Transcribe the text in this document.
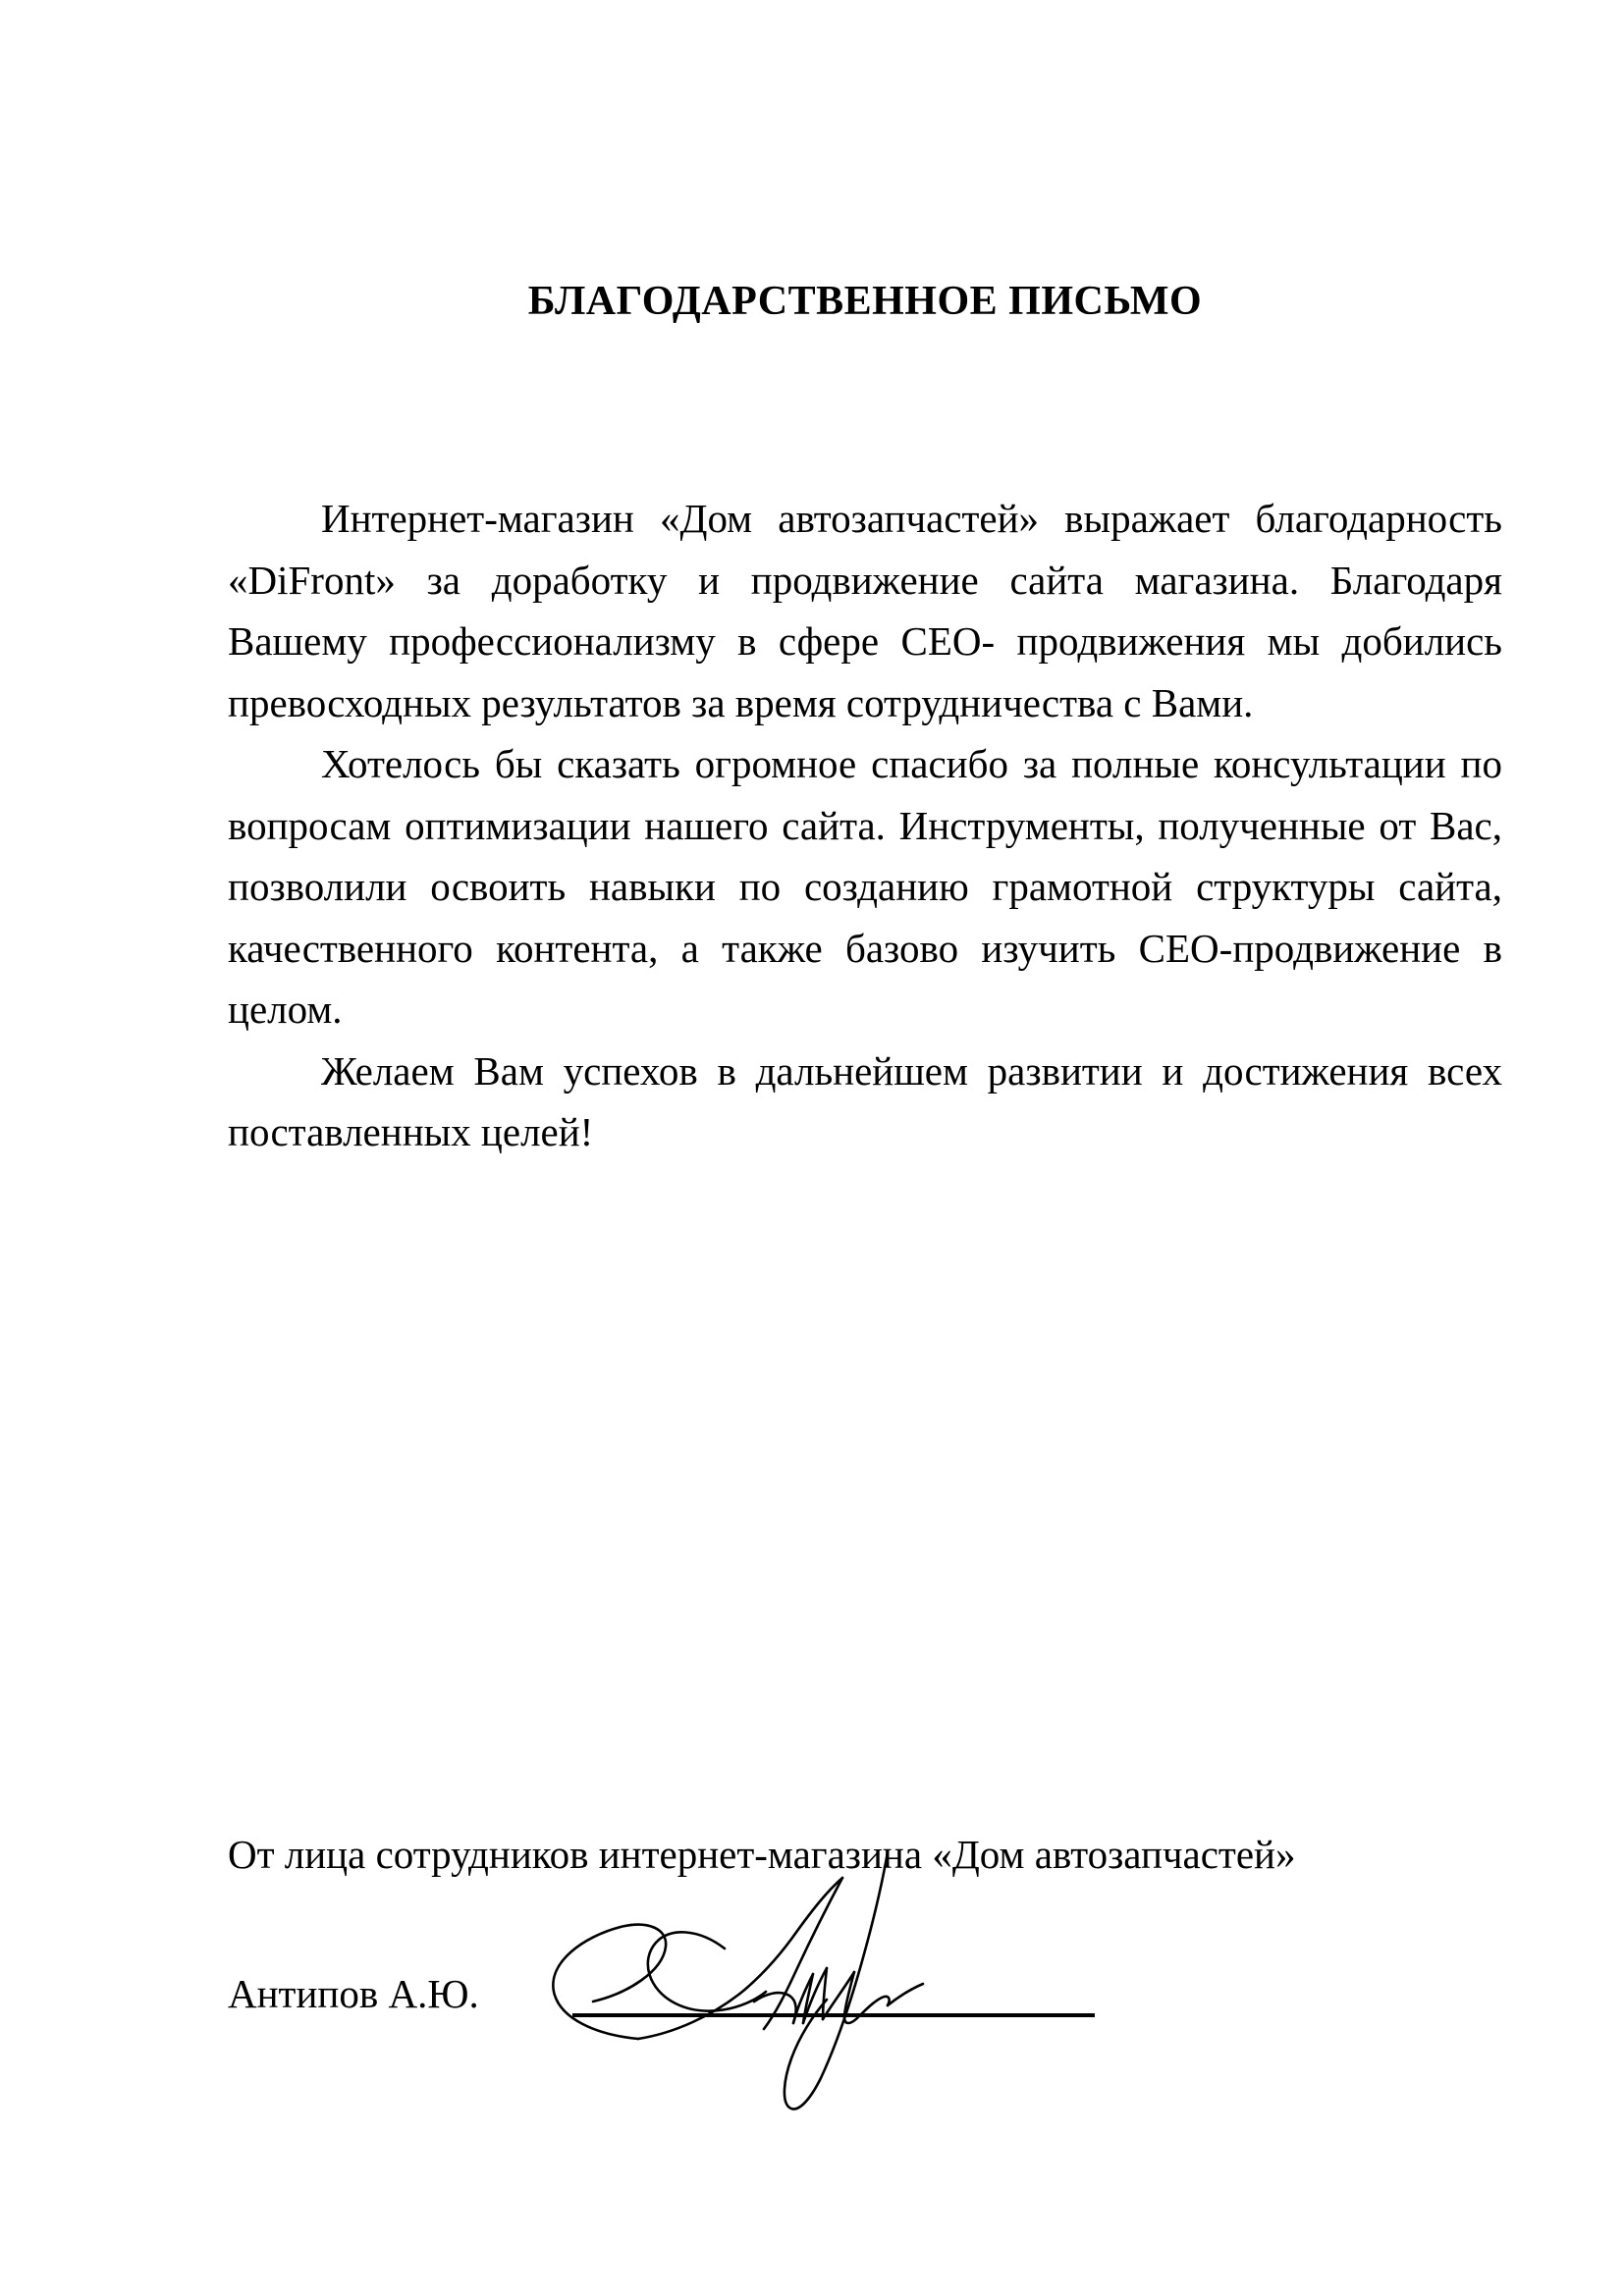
БЛАГОДАРСТВЕННОЕ ПИСЬМО

Интернет-магазин «Дом автозапчастей» выражает благодарность «DiFront» за доработку и продвижение сайта магазина. Благодаря Вашему профессионализму в сфере СЕО- продвижения мы добились превосходных результатов за время сотрудничества с Вами.

Хотелось бы сказать огромное спасибо за полные консультации по вопросам оптимизации нашего сайта. Инструменты, полученные от Вас, позволили освоить навыки по созданию грамотной структуры сайта, качественного контента, а также базово изучить СЕО-продвижение в целом.

Желаем Вам успехов в дальнейшем развитии и достижения всех поставленных целей!

От лица сотрудников интернет-магазина «Дом автозапчастей»

Антипов А.Ю.
